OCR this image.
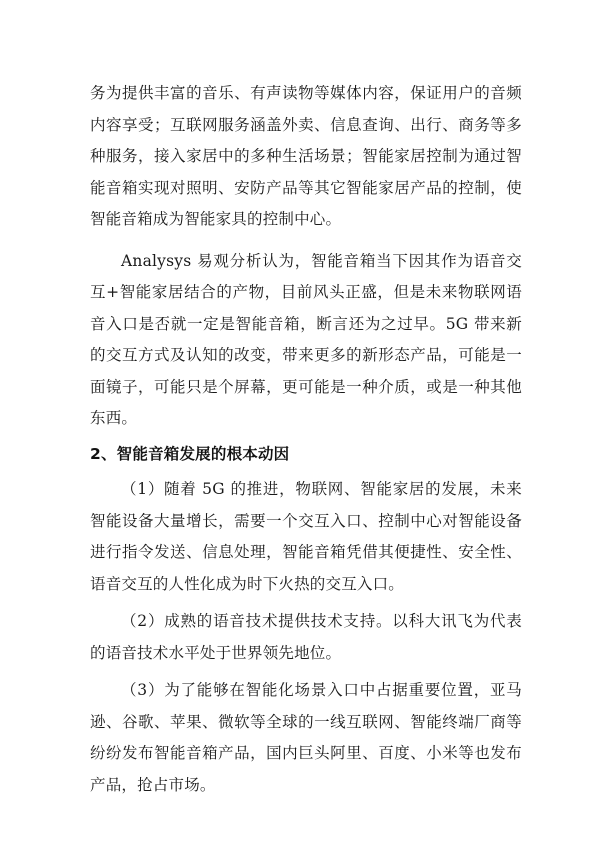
务为提供丰富的音乐、有声读物等媒体内容，保证用户的音频内容享受；互联网服务涵盖外卖、信息查询、出行、商务等多种服务，接入家居中的多种生活场景；智能家居控制为通过智能音箱实现对照明、安防产品等其它智能家居产品的控制，使智能音箱成为智能家具的控制中心。

Analysys 易观分析认为，智能音箱当下因其作为语音交互+智能家居结合的产物，目前风头正盛，但是未来物联网语音入口是否就一定是智能音箱，断言还为之过早。5G 带来新的交互方式及认知的改变，带来更多的新形态产品，可能是一面镜子，可能只是个屏幕，更可能是一种介质，或是一种其他东西。

2、智能音箱发展的根本动因

（1）随着 5G 的推进，物联网、智能家居的发展，未来智能设备大量增长，需要一个交互入口、控制中心对智能设备进行指令发送、信息处理，智能音箱凭借其便捷性、安全性、语音交互的人性化成为时下火热的交互入口。

（2）成熟的语音技术提供技术支持。以科大讯飞为代表的语音技术水平处于世界领先地位。

（3）为了能够在智能化场景入口中占据重要位置，亚马逊、谷歌、苹果、微软等全球的一线互联网、智能终端厂商等纷纷发布智能音箱产品，国内巨头阿里、百度、小米等也发布产品，抢占市场。
